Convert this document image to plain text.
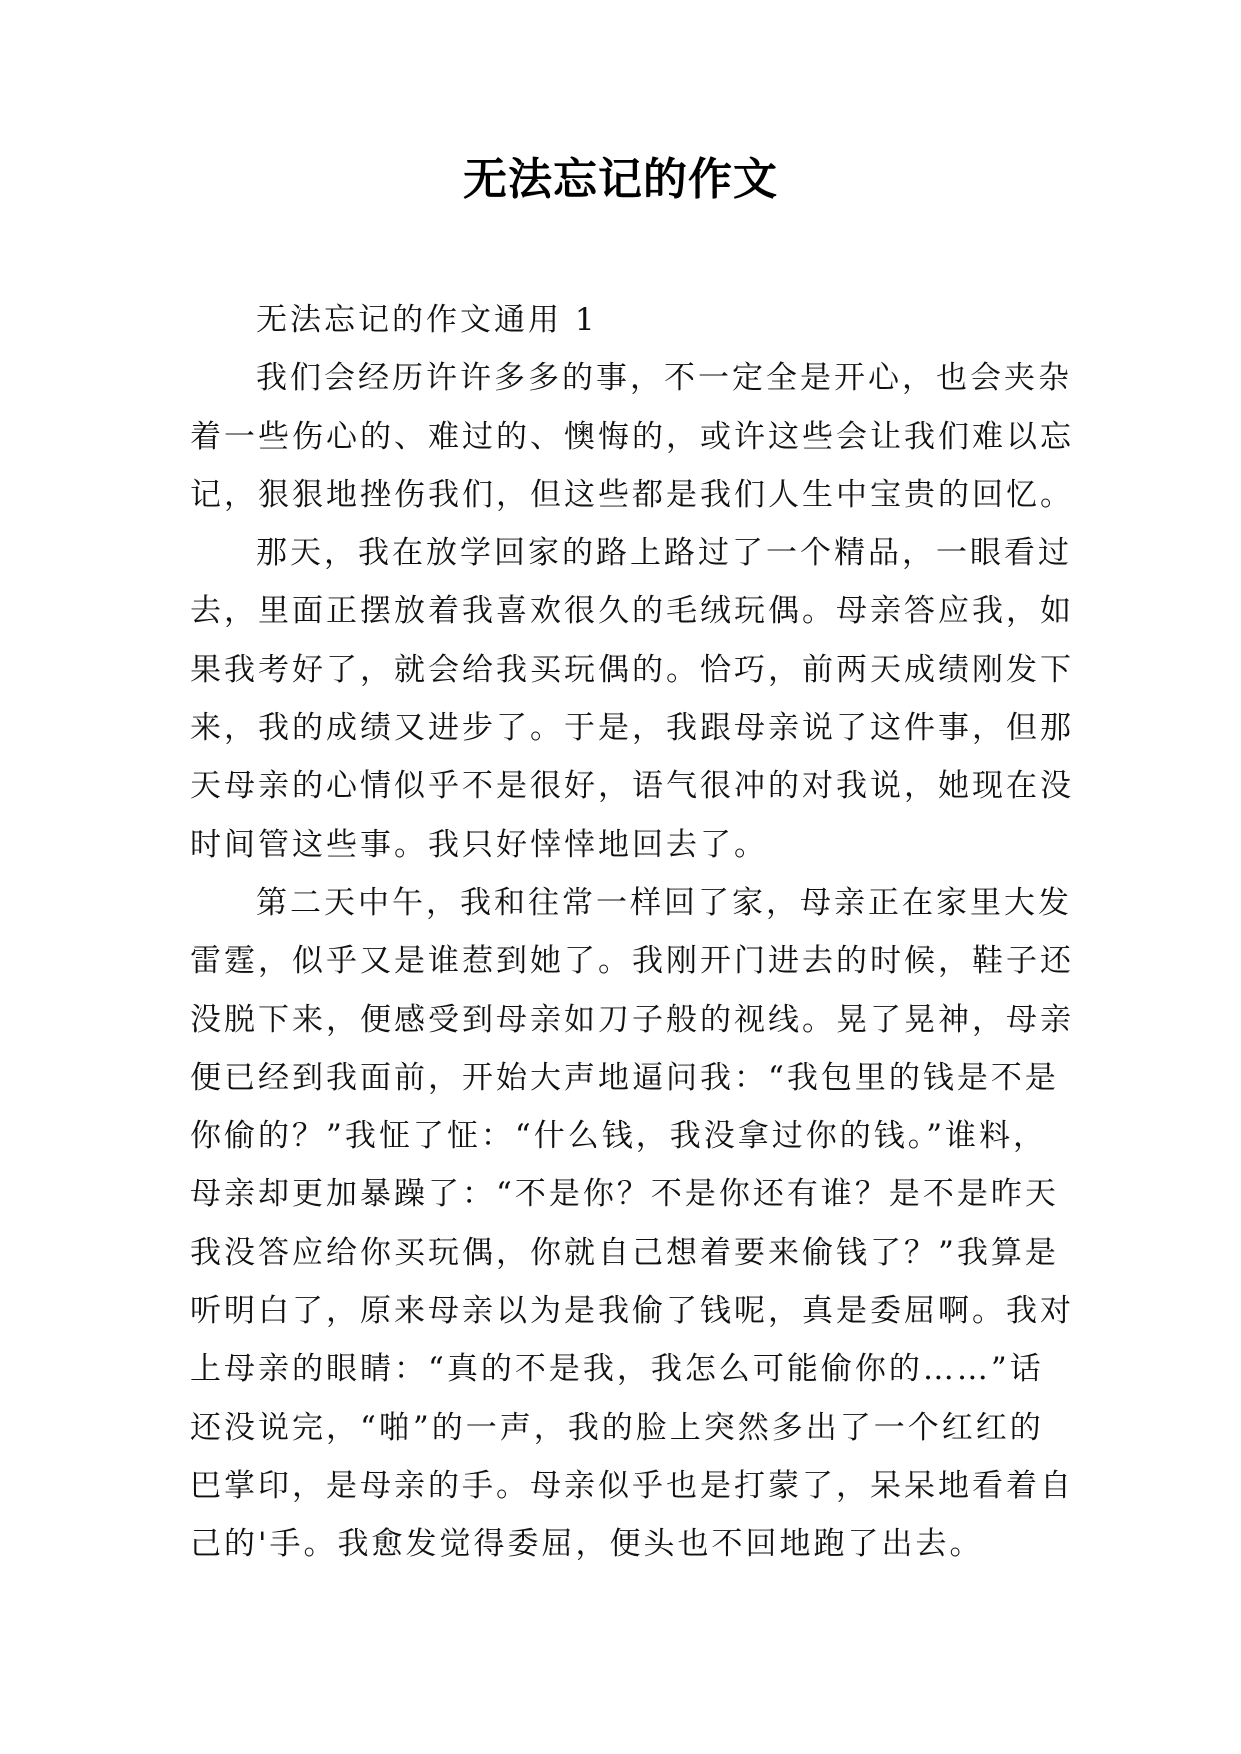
无法忘记的作文
无法忘记的作文通用 1
我们会经历许许多多的事，不一定全是开心，也会夹杂
着一些伤心的、难过的、懊悔的，或许这些会让我们难以忘
记，狠狠地挫伤我们，但这些都是我们人生中宝贵的回忆。
那天，我在放学回家的路上路过了一个精品，一眼看过
去，里面正摆放着我喜欢很久的毛绒玩偶。母亲答应我，如
果我考好了，就会给我买玩偶的。恰巧，前两天成绩刚发下
来，我的成绩又进步了。于是，我跟母亲说了这件事，但那
天母亲的心情似乎不是很好，语气很冲的对我说，她现在没
时间管这些事。我只好悻悻地回去了。
第二天中午，我和往常一样回了家，母亲正在家里大发
雷霆，似乎又是谁惹到她了。我刚开门进去的时候，鞋子还
没脱下来，便感受到母亲如刀子般的视线。晃了晃神，母亲
便已经到我面前，开始大声地逼问我：“我包里的钱是不是
你偷的？”我怔了怔：“什么钱，我没拿过你的钱。”谁料，
母亲却更加暴躁了：“不是你？不是你还有谁？是不是昨天
我没答应给你买玩偶，你就自己想着要来偷钱了？”我算是
听明白了，原来母亲以为是我偷了钱呢，真是委屈啊。我对
上母亲的眼睛：“真的不是我，我怎么可能偷你的……”话
还没说完，“啪”的一声，我的脸上突然多出了一个红红的
巴掌印，是母亲的手。母亲似乎也是打蒙了，呆呆地看着自
己的'手。我愈发觉得委屈，便头也不回地跑了出去。
